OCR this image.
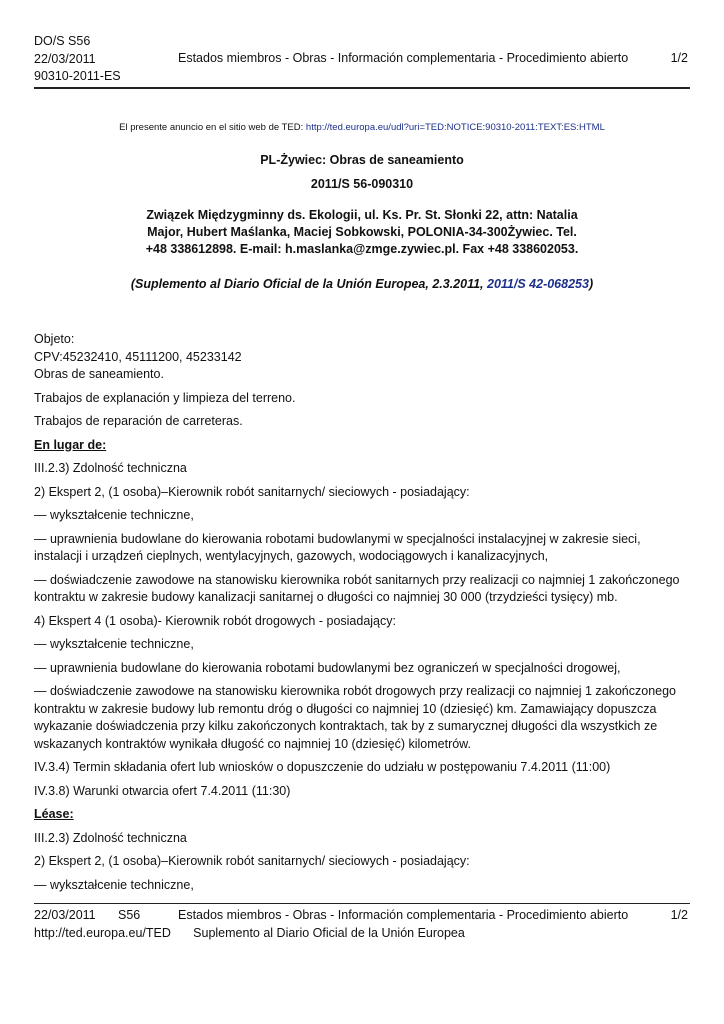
DO/S S56
22/03/2011
90310-2011-ES
Estados miembros - Obras - Información complementaria - Procedimiento abierto	1/2
El presente anuncio en el sitio web de TED: http://ted.europa.eu/udl?uri=TED:NOTICE:90310-2011:TEXT:ES:HTML
PL-Żywiec: Obras de saneamiento
2011/S 56-090310
Związek Międzygminny ds. Ekologii, ul. Ks. Pr. St. Słonki 22, attn: Natalia
Major, Hubert Maślanka, Maciej Sobkowski, POLONIA-34-300Żywiec. Tel.
+48 338612898. E-mail: h.maslanka@zmge.zywiec.pl. Fax +48 338602053.
(Suplemento al Diario Oficial de la Unión Europea, 2.3.2011, 2011/S 42-068253)

Objeto:

CPV:45232410, 45111200, 45233142

Obras de saneamiento.

Trabajos de explanación y limpieza del terreno.

Trabajos de reparación de carreteras.

En lugar de:

III.2.3) Zdolność techniczna

2) Ekspert 2, (1 osoba)–Kierownik robót sanitarnych/ sieciowych - posiadający:

— wykształcenie techniczne,

— uprawnienia budowlane do kierowania robotami budowlanymi w specjalności instalacyjnej w zakresie sieci, instalacji i urządzeń cieplnych, wentylacyjnych, gazowych, wodociągowych i kanalizacyjnych,

— doświadczenie zawodowe na stanowisku kierownika robót sanitarnych przy realizacji co najmniej 1 zakończonego kontraktu w zakresie budowy kanalizacji sanitarnej o długości co najmniej 30 000 (trzydzieści tysięcy) mb.

4) Ekspert 4 (1 osoba)- Kierownik robót drogowych - posiadający:

— wykształcenie techniczne,

— uprawnienia budowlane do kierowania robotami budowlanymi bez ograniczeń w specjalności drogowej,

— doświadczenie zawodowe na stanowisku kierownika robót drogowych przy realizacji co najmniej 1 zakończonego kontraktu w zakresie budowy lub remontu dróg o długości co najmniej 10 (dziesięć) km. Zamawiający dopuszcza wykazanie doświadczenia przy kilku zakończonych kontraktach, tak by z sumarycznej długości dla wszystkich ze wskazanych kontraktów wynikała długość co najmniej 10 (dziesięć) kilometrów.

IV.3.4) Termin składania ofert lub wniosków o dopuszczenie do udziału w postępowaniu 7.4.2011 (11:00)

IV.3.8) Warunki otwarcia ofert 7.4.2011 (11:30)

Léase:

III.2.3) Zdolność techniczna

2) Ekspert 2, (1 osoba)–Kierownik robót sanitarnych/ sieciowych - posiadający:

— wykształcenie techniczne,

22/03/2011 S56	Estados miembros - Obras - Información complementaria - Procedimiento abierto	1/2
http://ted.europa.eu/TED	Suplemento al Diario Oficial de la Unión Europea
